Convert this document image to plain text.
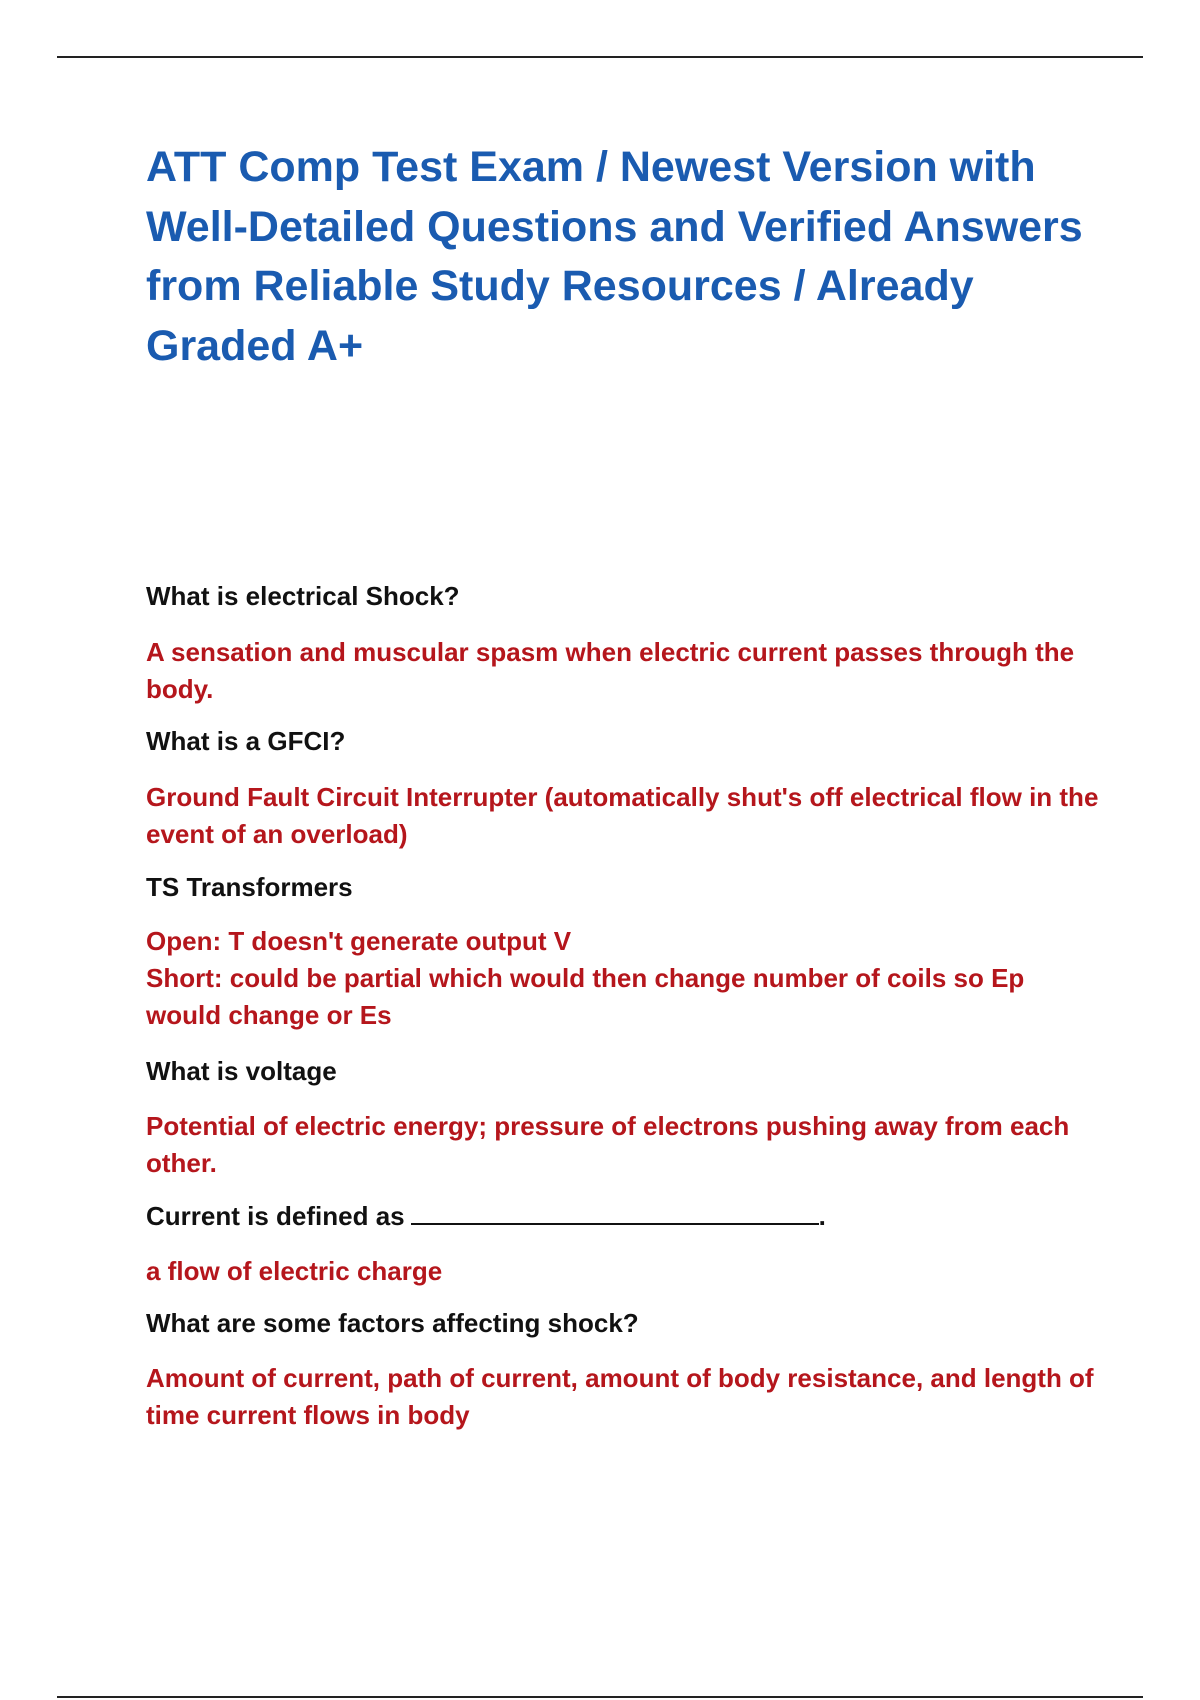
ATT Comp Test Exam / Newest Version with Well-Detailed Questions and Verified Answers from Reliable Study Resources / Already Graded A+

What is electrical Shock?

A sensation and muscular spasm when electric current passes through the body.

What is a GFCI?

Ground Fault Circuit Interrupter (automatically shut's off electrical flow in the event of an overload)

TS Transformers

Open: T doesn't generate output V
Short: could be partial which would then change number of coils so Ep would change or Es

What is voltage

Potential of electric energy; pressure of electrons pushing away from each other.

Current is defined as	.

a flow of electric charge

What are some factors affecting shock?

Amount of current, path of current, amount of body resistance, and length of time current flows in body
